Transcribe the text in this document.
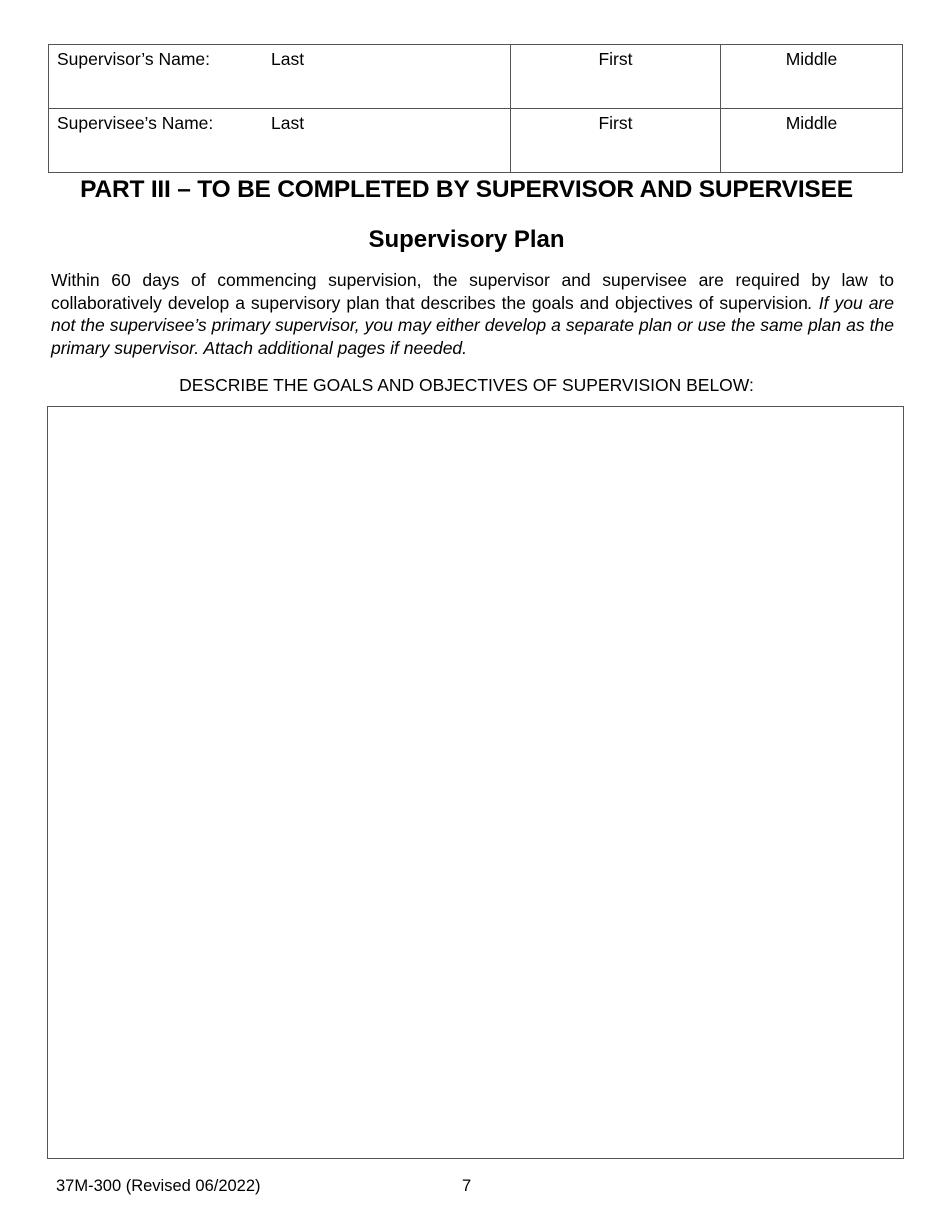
Supervisor’s Name: Last	First	Middle
Supervisee’s Name: Last	First	Middle
PART III – TO BE COMPLETED BY SUPERVISOR AND SUPERVISEE
Supervisory Plan

Within 60 days of commencing supervision, the supervisor and supervisee are required by law to collaboratively develop a supervisory plan that describes the goals and objectives of supervision. If you are not the supervisee’s primary supervisor, you may either develop a separate plan or use the same plan as the primary supervisor. Attach additional pages if needed.

DESCRIBE THE GOALS AND OBJECTIVES OF SUPERVISION BELOW:
37M-300 (Revised 06/2022)	7
